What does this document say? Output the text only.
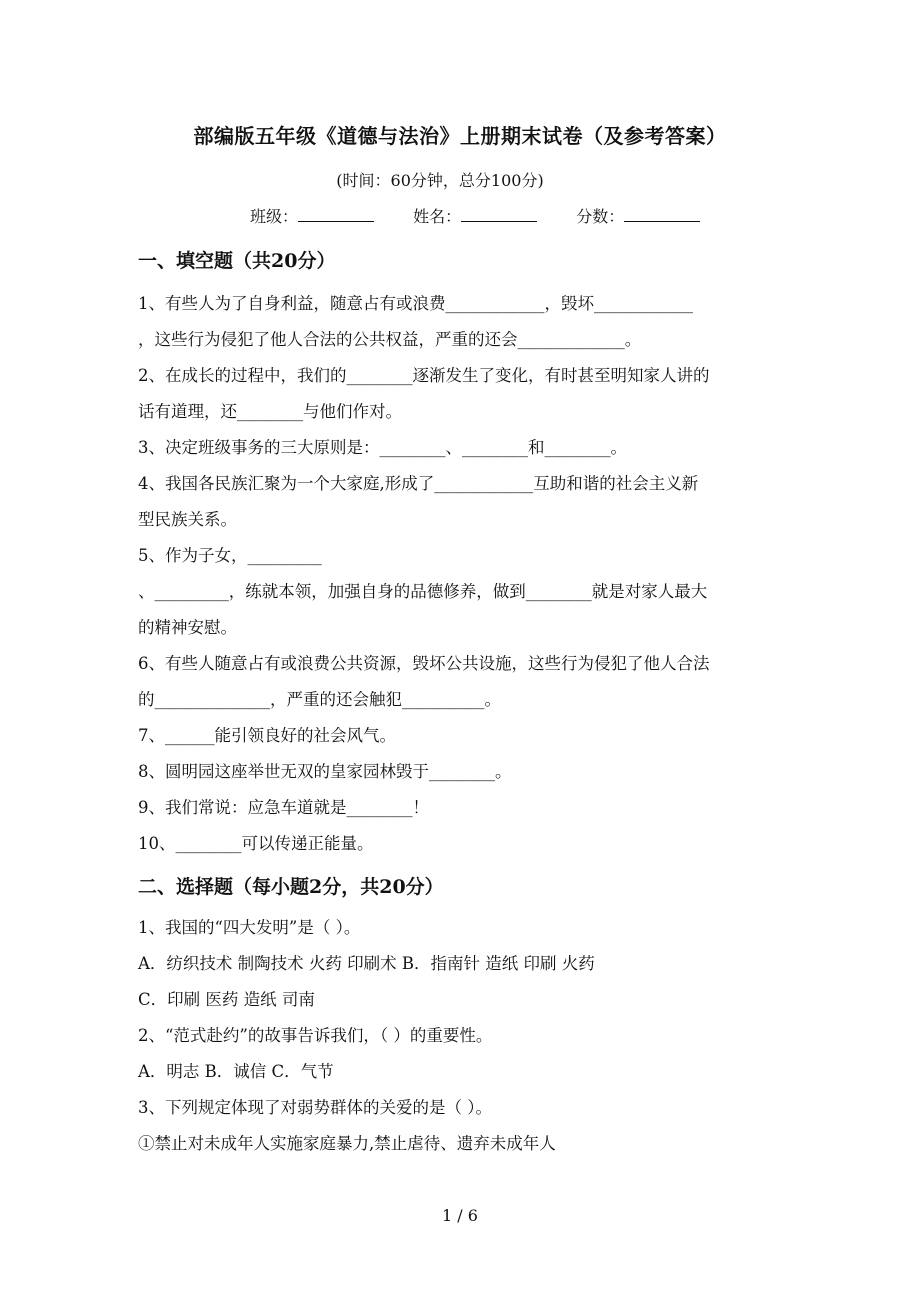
部编版五年级《道德与法治》上册期末试卷（及参考答案）
(时间：60分钟，总分100分)
班级：	姓名：	分数：
一、填空题（共20分）
1、有些人为了自身利益，随意占有或浪费____________，毁坏____________
，这些行为侵犯了他人合法的公共权益，严重的还会_____________。
2、在成长的过程中，我们的________逐渐发生了变化，有时甚至明知家人讲的
话有道理，还________与他们作对。
3、决定班级事务的三大原则是：________、________和________。
4、我国各民族汇聚为一个大家庭,形成了____________互助和谐的社会主义新
型民族关系。
5、作为子女，_________
、_________，练就本领，加强自身的品德修养，做到________就是对家人最大
的精神安慰。
6、有些人随意占有或浪费公共资源，毁坏公共设施，这些行为侵犯了他人合法
的______________，严重的还会触犯__________。
7、______能引领良好的社会风气。
8、圆明园这座举世无双的皇家园林毁于________。
9、我们常说：应急车道就是________！
10、________可以传递正能量。
二、选择题（每小题2分，共20分）
1、我国的“四大发明”是（ ）。
A．纺织技术 制陶技术 火药 印刷术 B．指南针 造纸 印刷 火药
C．印刷 医药 造纸 司南
2、“范式赴约”的故事告诉我们，（ ）的重要性。
A．明志 B．诚信 C．气节
3、下列规定体现了对弱势群体的关爱的是（ ）。
①禁止对未成年人实施家庭暴力,禁止虐待、遗弃未成年人
1 / 6
